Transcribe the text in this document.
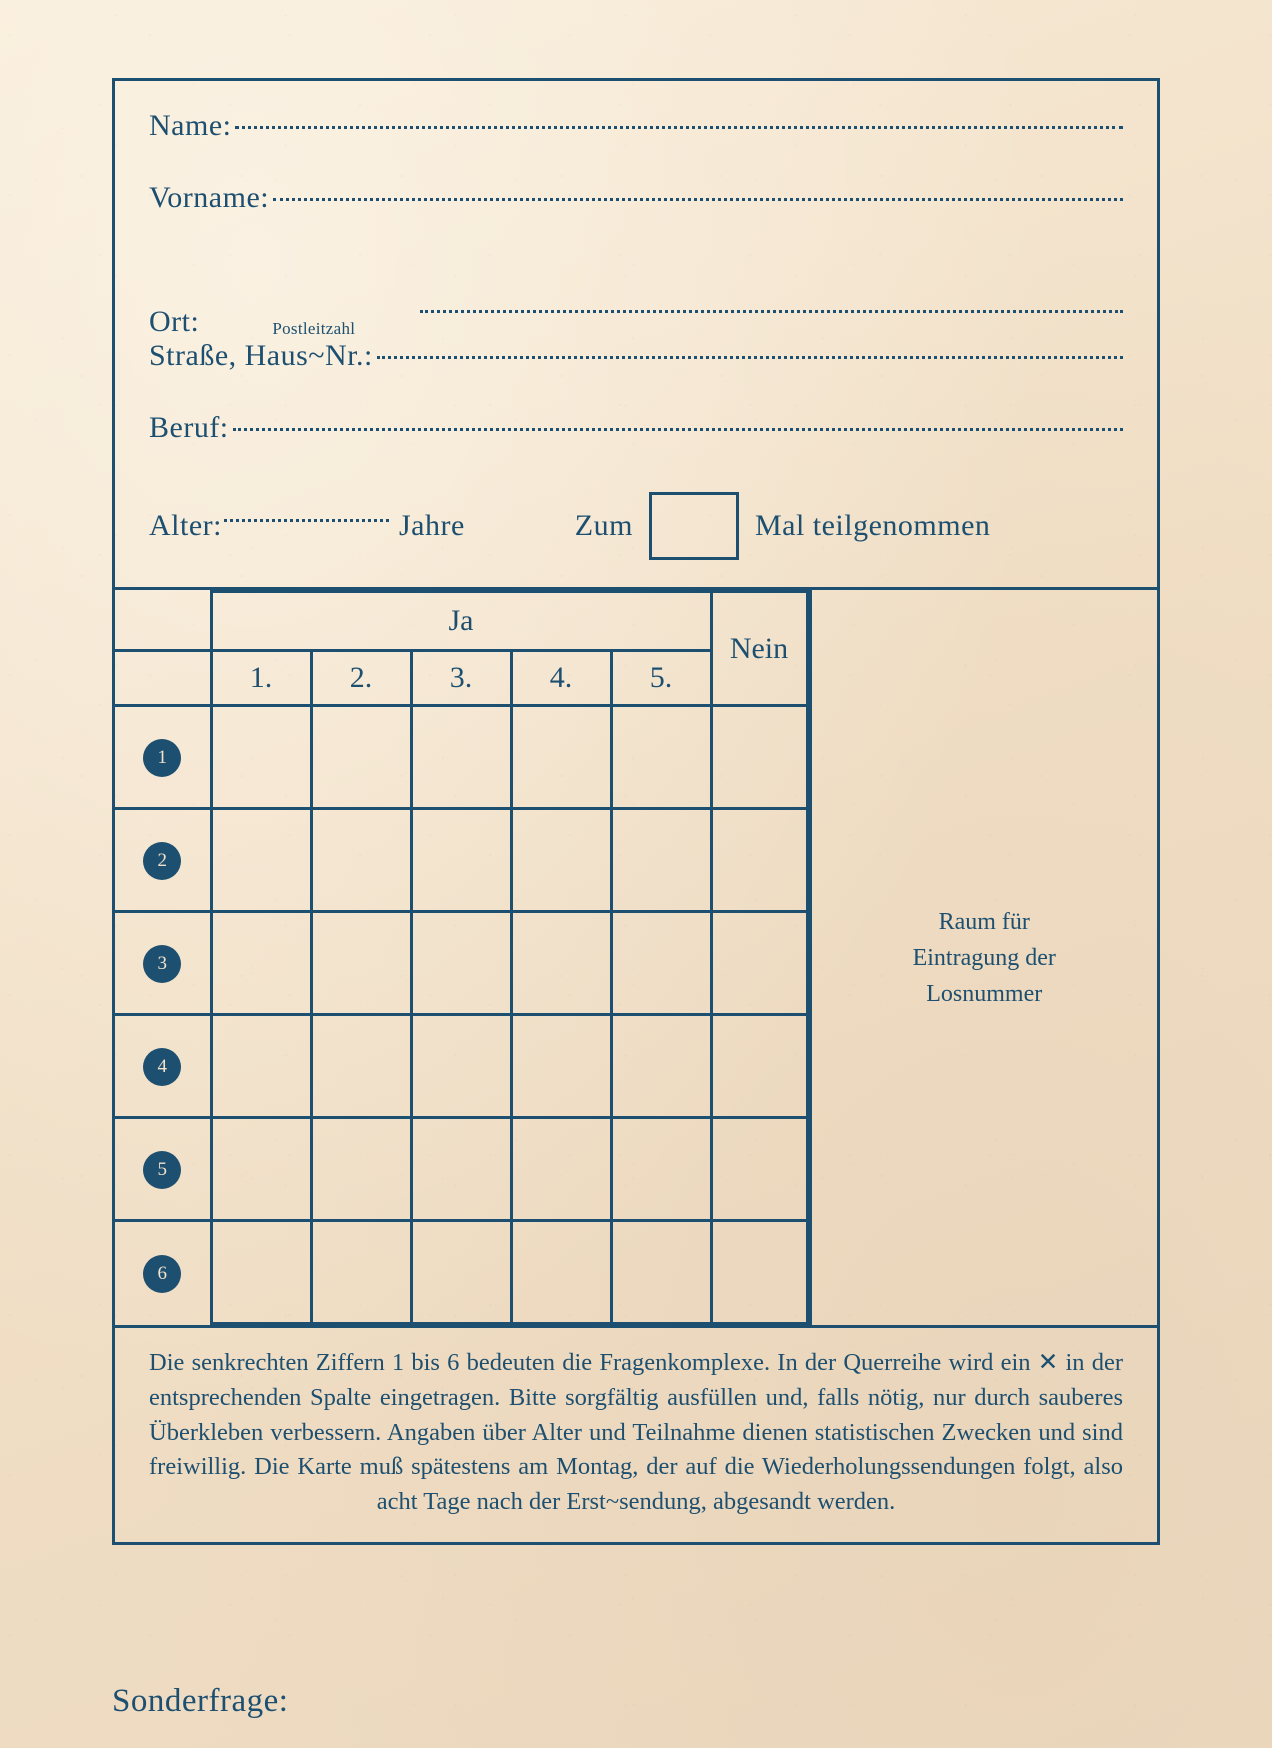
Name:
Vorname:
Ort:	Postleitzahl
Straße, Haus~Nr.:
Beruf:
Alter:	Jahre	Zum	Mal teilgenommen
	Ja					Nein
	1.	2.	3.	4.	5.	
1						
2						
3						
4						
5						
6						
Raum für
Eintragung der
Losnummer
Die senkrechten Ziffern 1 bis 6 bedeuten die Fragenkomplexe. In der Querreihe wird ein ✕ in der entsprechenden Spalte eingetragen. Bitte sorgfältig ausfüllen und, falls nötig, nur durch sauberes Überkleben verbessern. Angaben über Alter und Teilnahme dienen statistischen Zwecken und sind freiwillig. Die Karte muß spätestens am Montag, der auf die Wiederholungssendungen folgt, also acht Tage nach der Erst~sendung, abgesandt werden.
Sonderfrage:
